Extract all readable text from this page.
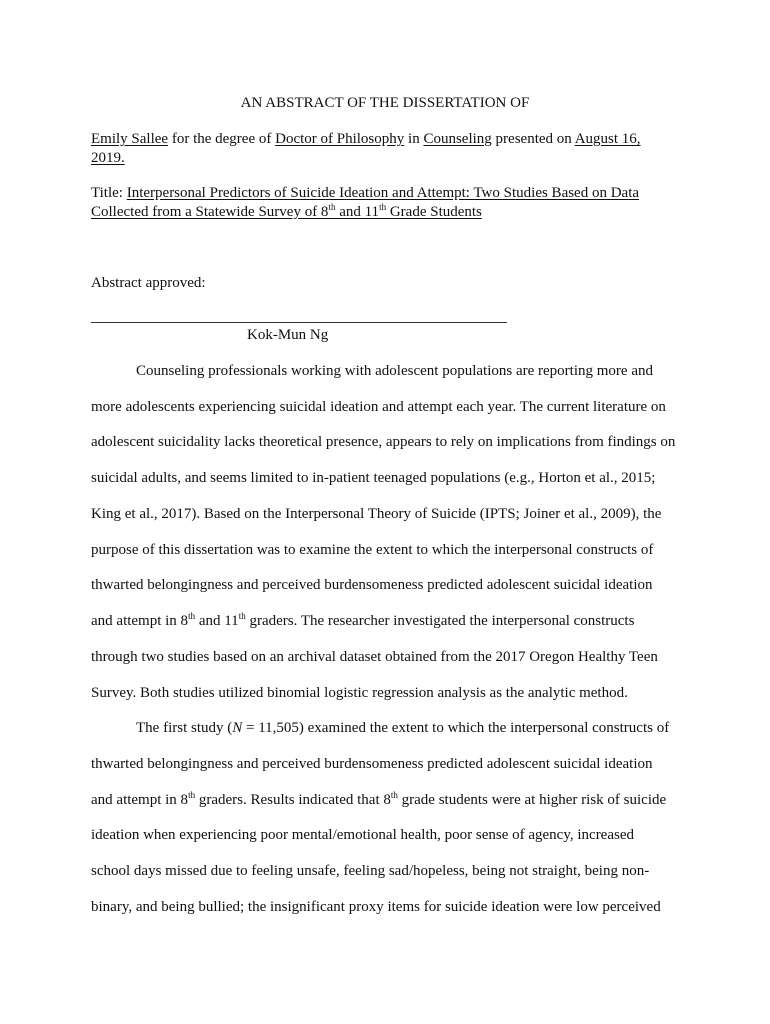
AN ABSTRACT OF THE DISSERTATION OF
Emily Sallee for the degree of Doctor of Philosophy in Counseling presented on August 16,
2019.
Title: Interpersonal Predictors of Suicide Ideation and Attempt: Two Studies Based on Data
Collected from a Statewide Survey of 8th and 11th Grade Students
Abstract approved:
Kok-Mun Ng
Counseling professionals working with adolescent populations are reporting more and
more adolescents experiencing suicidal ideation and attempt each year. The current literature on
adolescent suicidality lacks theoretical presence, appears to rely on implications from findings on
suicidal adults, and seems limited to in-patient teenaged populations (e.g., Horton et al., 2015;
King et al., 2017). Based on the Interpersonal Theory of Suicide (IPTS; Joiner et al., 2009), the
purpose of this dissertation was to examine the extent to which the interpersonal constructs of
thwarted belongingness and perceived burdensomeness predicted adolescent suicidal ideation
and attempt in 8th and 11th graders. The researcher investigated the interpersonal constructs
through two studies based on an archival dataset obtained from the 2017 Oregon Healthy Teen
Survey. Both studies utilized binomial logistic regression analysis as the analytic method.
The first study (N = 11,505) examined the extent to which the interpersonal constructs of
thwarted belongingness and perceived burdensomeness predicted adolescent suicidal ideation
and attempt in 8th graders. Results indicated that 8th grade students were at higher risk of suicide
ideation when experiencing poor mental/emotional health, poor sense of agency, increased
school days missed due to feeling unsafe, feeling sad/hopeless, being not straight, being non-
binary, and being bullied; the insignificant proxy items for suicide ideation were low perceived
